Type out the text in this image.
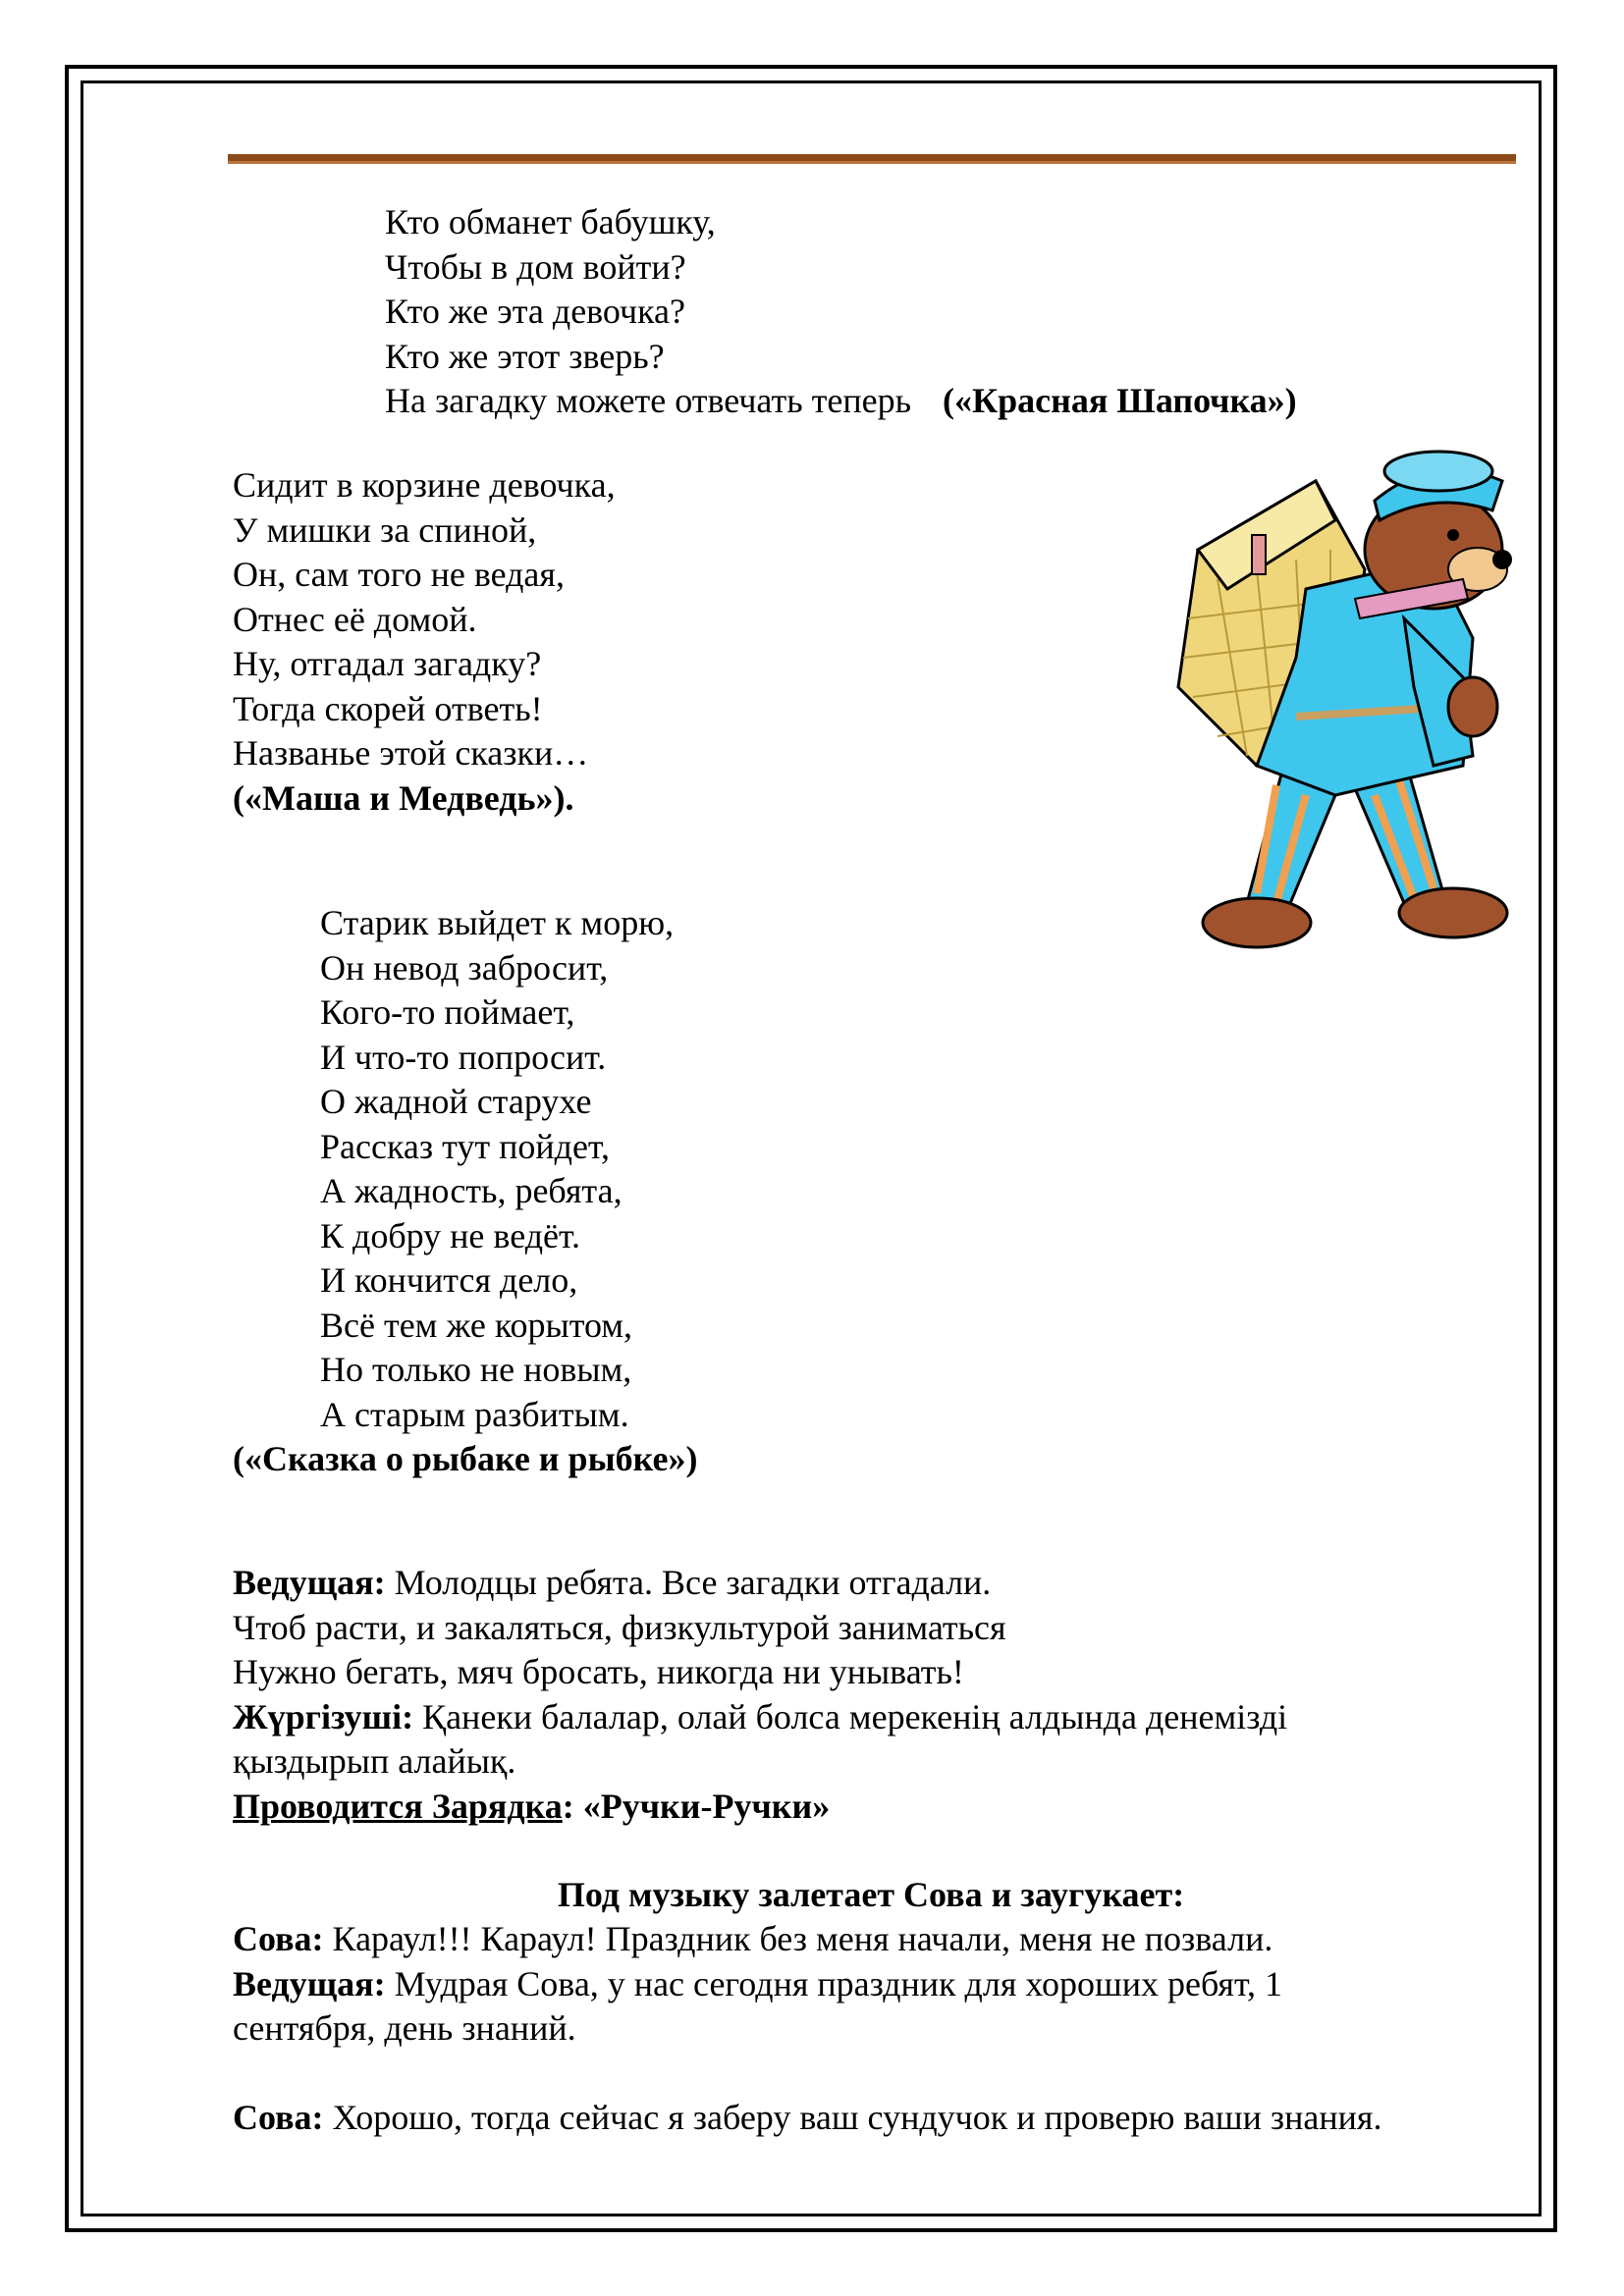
Кто обманет бабушку,
Чтобы в дом войти?
Кто же эта девочка?
Кто же этот зверь?
На загадку можете отвечать теперь («Красная Шапочка»)
Сидит в корзине девочка,
У мишки за спиной,
Он, сам того не ведая,
Отнес её домой.
Ну, отгадал загадку?
Тогда скорей ответь!
Названье этой сказки…
(«Маша и Медведь»).
Старик выйдет к морю,
Он невод забросит,
Кого-то поймает,
И что-то попросит.
О жадной старухе
Рассказ тут пойдет,
А жадность, ребята,
К добру не ведёт.
И кончится дело,
Всё тем же корытом,
Но только не новым,
А старым разбитым.
(«Сказка о рыбаке и рыбке»)
Ведущая: Молодцы ребята. Все загадки отгадали.
Чтоб расти, и закаляться, физкультурой заниматься
Нужно бегать, мяч бросать, никогда ни унывать!
Жүргізуші: Қанеки балалар, олай болса мерекенің алдында денемізді
қыздырып алайық.
Проводится Зарядка: «Ручки-Ручки»
Под музыку залетает Сова и заугукает:
Сова: Караул!!! Караул! Праздник без меня начали, меня не позвали.
Ведущая: Мудрая Сова, у нас сегодня праздник для хороших ребят, 1
сентября, день знаний.
Сова: Хорошо, тогда сейчас я заберу ваш сундучок и проверю ваши знания.
